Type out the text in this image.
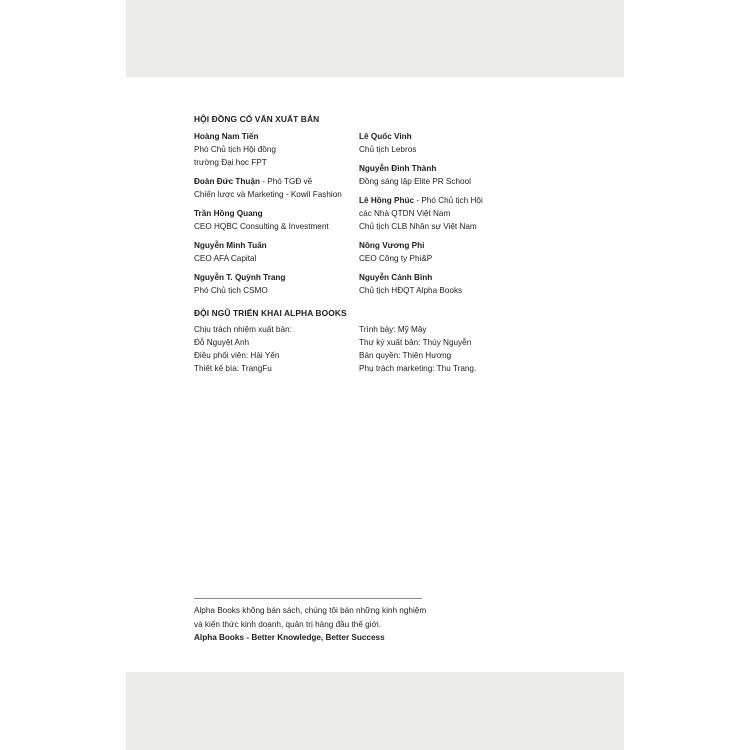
HỘI ĐỒNG CỐ VẤN XUẤT BẢN
Hoàng Nam Tiến
Phó Chủ tịch Hội đồng
trường Đại học FPT
Đoàn Đức Thuận - Phó TGĐ về
Chiến lược và Marketing - Kowil Fashion
Trần Hồng Quang
CEO HQBC Consulting & Investment
Nguyễn Minh Tuấn
CEO AFA Capital
Nguyễn T. Quỳnh Trang
Phó Chủ tịch CSMO
Lê Quốc Vinh
Chủ tịch Lebros
Nguyễn Đình Thành
Đồng sáng lập Elite PR School
Lê Hồng Phúc - Phó Chủ tịch Hội
các Nhà QTDN Việt Nam
Chủ tịch CLB Nhân sự Việt Nam
Nông Vương Phi
CEO Công ty Phi&P
Nguyễn Cảnh Bình
Chủ tịch HĐQT Alpha Books
ĐỘI NGŨ TRIỂN KHAI ALPHA BOOKS
Chịu trách nhiệm xuất bản:
Đỗ Nguyệt Anh
Điều phối viên: Hải Yến
Thiết kế bìa: TrangFu
Trình bày: Mỹ Mây
Thư ký xuất bản: Thúy Nguyễn
Bản quyền: Thiên Hương
Phụ trách marketing: Thu Trang.
Alpha Books không bán sách, chúng tôi bán những kinh nghiệm
và kiến thức kinh doanh, quản trị hàng đầu thế giới.
Alpha Books - Better Knowledge, Better Success
